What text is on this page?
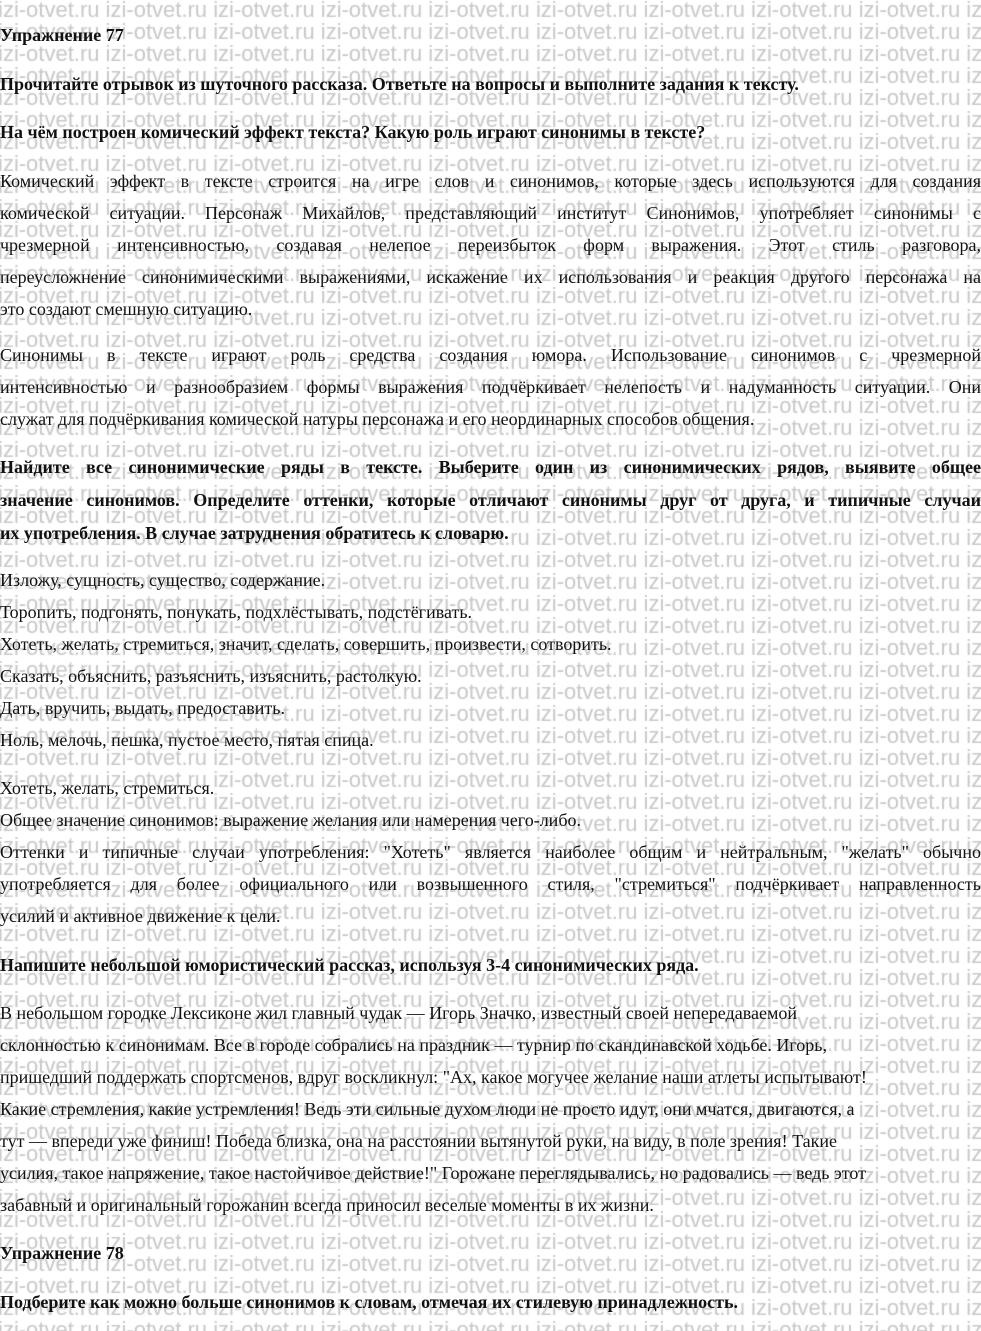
Упражнение 77
Прочитайте отрывок из шуточного рассказа. Ответьте на вопросы и выполните задания к тексту.
На чём построен комический эффект текста? Какую роль играют синонимы в тексте?
Комический эффект в тексте строится на игре слов и синонимов, которые здесь используются для создания
комической ситуации. Персонаж Михайлов, представляющий институт Синонимов, употребляет синонимы с
чрезмерной интенсивностью, создавая нелепое переизбыток форм выражения. Этот стиль разговора,
переусложнение синонимическими выражениями, искажение их использования и реакция другого персонажа на
это создают смешную ситуацию.
Синонимы в тексте играют роль средства создания юмора. Использование синонимов с чрезмерной
интенсивностью и разнообразием формы выражения подчёркивает нелепость и надуманность ситуации. Они
служат для подчёркивания комической натуры персонажа и его неординарных способов общения.
Найдите все синонимические ряды в тексте. Выберите один из синонимических рядов, выявите общее
значение синонимов. Определите оттенки, которые отличают синонимы друг от друга, и типичные случаи
их употребления. В случае затруднения обратитесь к словарю.
Изложу, сущность, существо, содержание.
Торопить, подгонять, понукать, подхлёстывать, подстёгивать.
Хотеть, желать, стремиться, значит, сделать, совершить, произвести, сотворить.
Сказать, объяснить, разъяснить, изъяснить, растолкую.
Дать, вручить, выдать, предоставить.
Ноль, мелочь, пешка, пустое место, пятая спица.
Хотеть, желать, стремиться.
Общее значение синонимов: выражение желания или намерения чего-либо.
Оттенки и типичные случаи употребления: "Хотеть" является наиболее общим и нейтральным, "желать" обычно
употребляется для более официального или возвышенного стиля, "стремиться" подчёркивает направленность
усилий и активное движение к цели.
Напишите небольшой юмористический рассказ, используя 3-4 синонимических ряда.
В небольшом городке Лексиконе жил главный чудак — Игорь Значко, известный своей непередаваемой
склонностью к синонимам. Все в городе собрались на праздник — турнир по скандинавской ходьбе. Игорь,
пришедший поддержать спортсменов, вдруг воскликнул: "Ах, какое могучее желание наши атлеты испытывают!
Какие стремления, какие устремления! Ведь эти сильные духом люди не просто идут, они мчатся, двигаются, а
тут — впереди уже финиш! Победа близка, она на расстоянии вытянутой руки, на виду, в поле зрения! Такие
усилия, такое напряжение, такое настойчивое действие!" Горожане переглядывались, но радовались — ведь этот
забавный и оригинальный горожанин всегда приносил веселые моменты в их жизни.
Упражнение 78
Подберите как можно больше синонимов к словам, отмечая их стилевую принадлежность.
